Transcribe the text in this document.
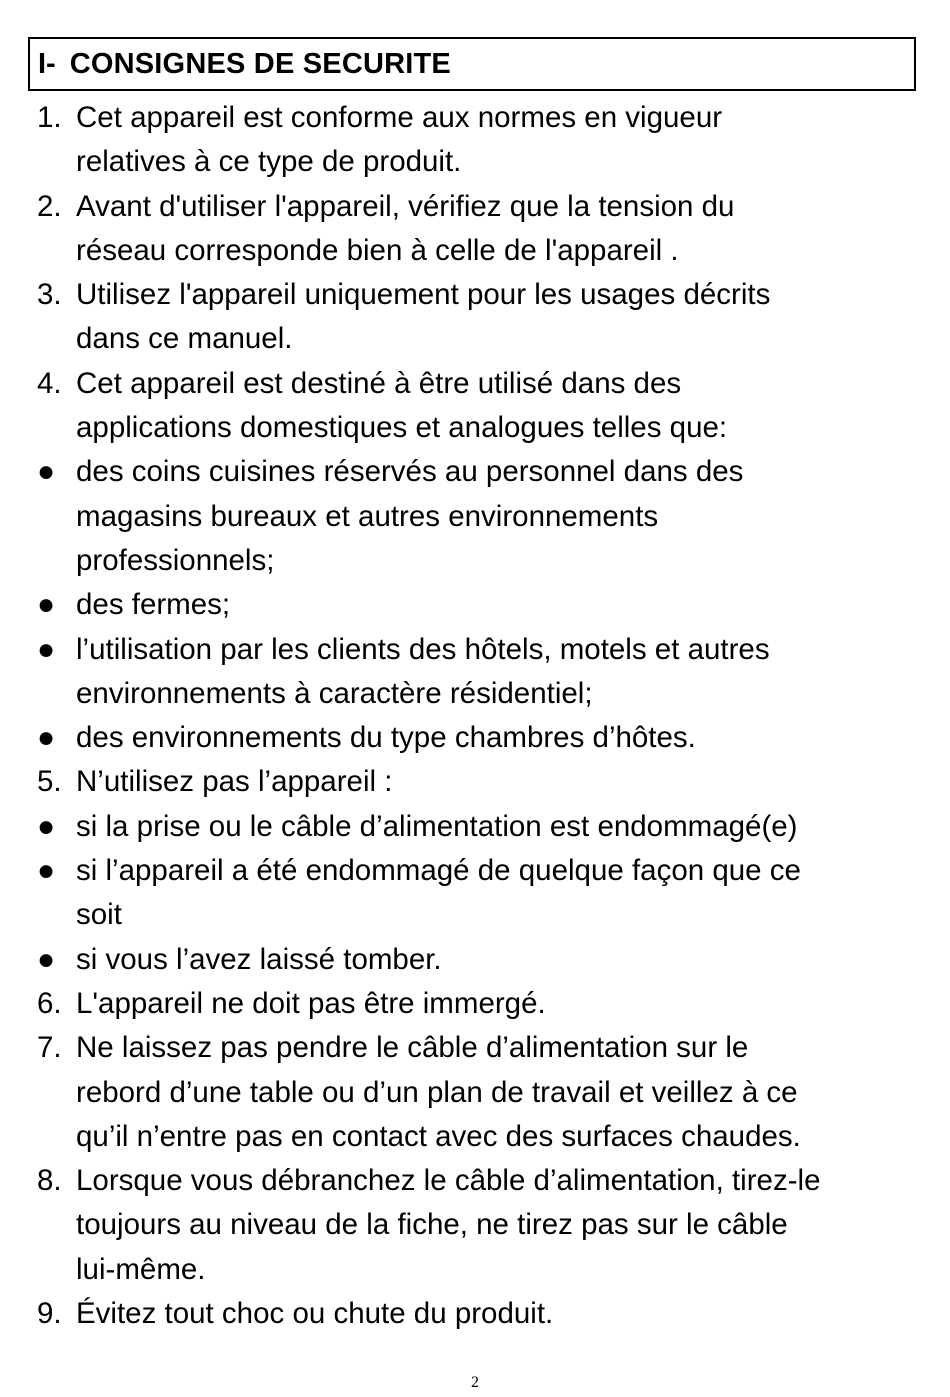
I- CONSIGNES DE SECURITE
1. Cet appareil est conforme aux normes en vigueur
relatives à ce type de produit.
2. Avant d'utiliser l'appareil, vérifiez que la tension du
réseau corresponde bien à celle de l'appareil .
3. Utilisez l'appareil uniquement pour les usages décrits
dans ce manuel.
4. Cet appareil est destiné à être utilisé dans des
applications domestiques et analogues telles que:
● des coins cuisines réservés au personnel dans des
magasins bureaux et autres environnements
professionnels;
● des fermes;
● l’utilisation par les clients des hôtels, motels et autres
environnements à caractère résidentiel;
● des environnements du type chambres d’hôtes.
5. N’utilisez pas l’appareil :
● si la prise ou le câble d’alimentation est endommagé(e)
● si l’appareil a été endommagé de quelque façon que ce
soit
● si vous l’avez laissé tomber.
6. L'appareil ne doit pas être immergé.
7. Ne laissez pas pendre le câble d’alimentation sur le
rebord d’une table ou d’un plan de travail et veillez à ce
qu’il n’entre pas en contact avec des surfaces chaudes.
8. Lorsque vous débranchez le câble d’alimentation, tirez-le
toujours au niveau de la fiche, ne tirez pas sur le câble
lui-même.
9. Évitez tout choc ou chute du produit.
2
